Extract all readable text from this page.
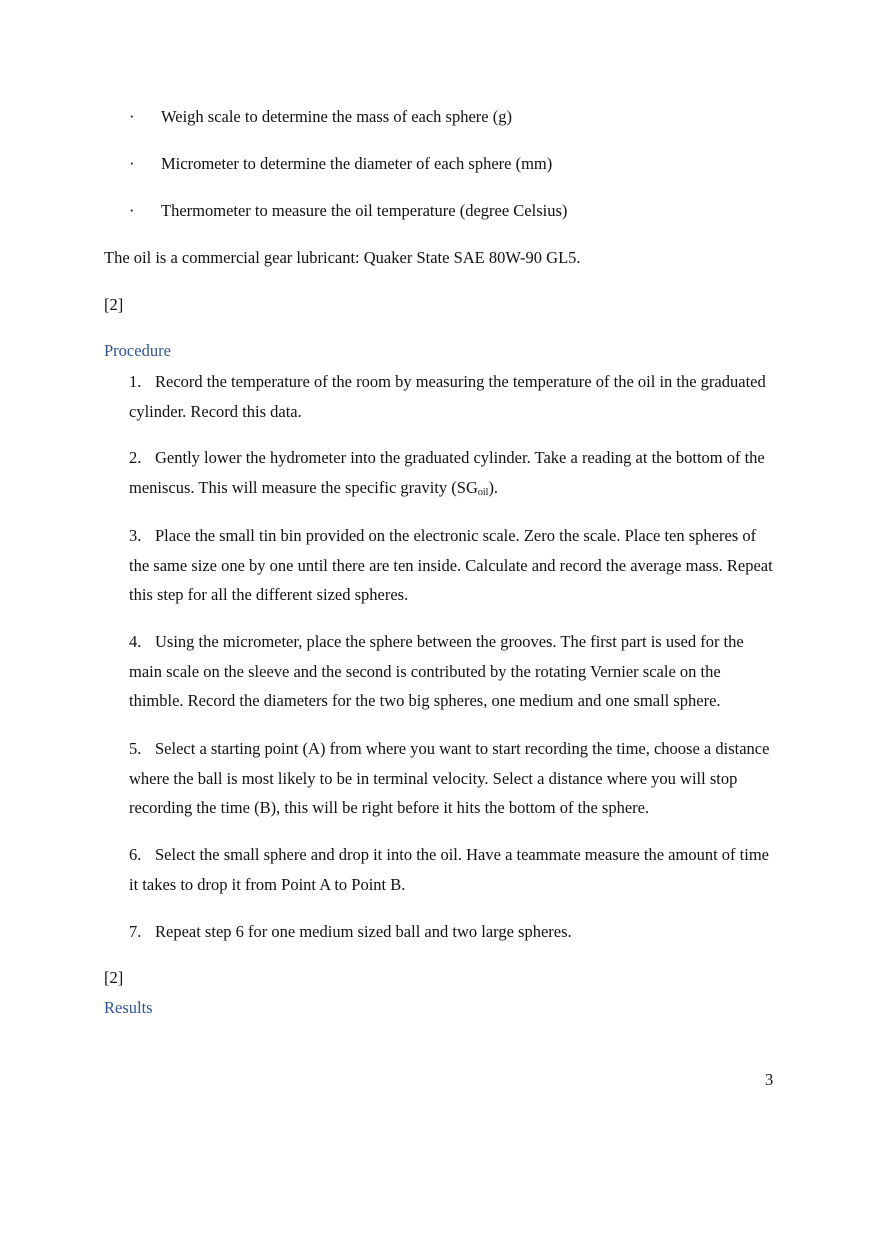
· Weigh scale to determine the mass of each sphere (g)
· Micrometer to determine the diameter of each sphere (mm)
· Thermometer to measure the oil temperature (degree Celsius)
The oil is a commercial gear lubricant: Quaker State SAE 80W-90 GL5.
[2]
Procedure
1. Record the temperature of the room by measuring the temperature of the oil in the graduated cylinder. Record this data.
2. Gently lower the hydrometer into the graduated cylinder. Take a reading at the bottom of the meniscus. This will measure the specific gravity $(SG_{oil})$.
3. Place the small tin bin provided on the electronic scale. Zero the scale. Place ten spheres of the same size one by one until there are ten inside. Calculate and record the average mass. Repeat this step for all the different sized spheres.
4. Using the micrometer, place the sphere between the grooves. The first part is used for the main scale on the sleeve and the second is contributed by the rotating Vernier scale on the thimble. Record the diameters for the two big spheres, one medium and one small sphere.
5. Select a starting point (A) from where you want to start recording the time, choose a distance where the ball is most likely to be in terminal velocity. Select a distance where you will stop recording the time (B), this will be right before it hits the bottom of the sphere.
6. Select the small sphere and drop it into the oil. Have a teammate measure the amount of time it takes to drop it from Point A to Point B.
7. Repeat step 6 for one medium sized ball and two large spheres.
[2]
Results
3
